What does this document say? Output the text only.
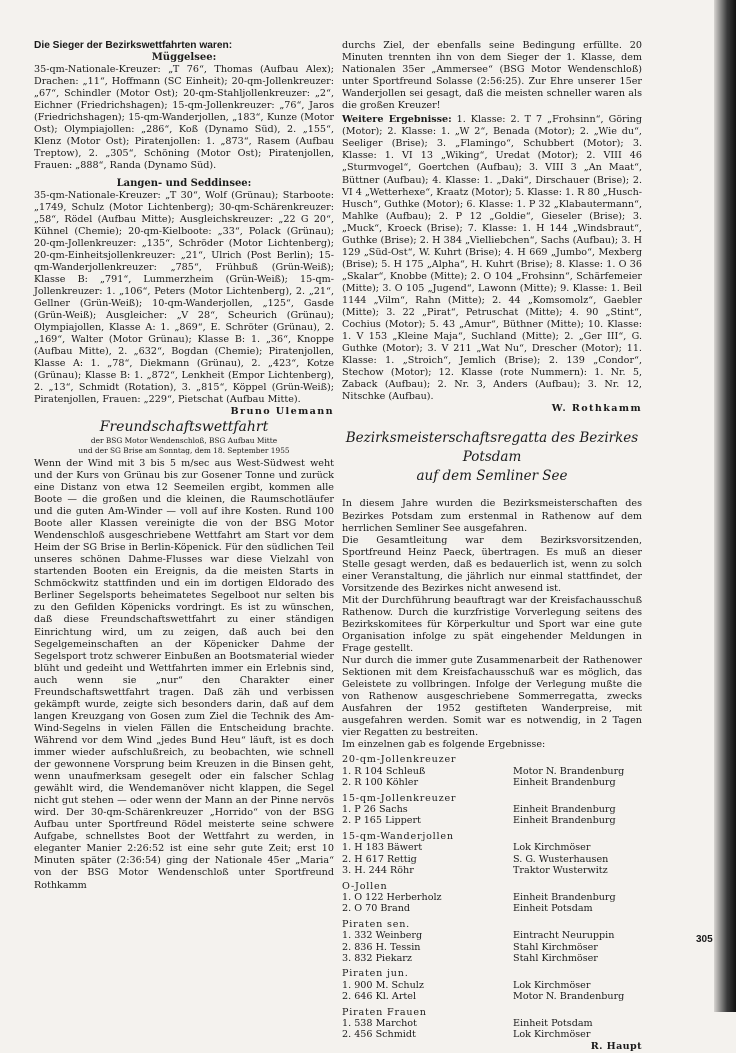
Die Sieger der Bezirkswettfahrten waren:

Müggelsee:

35-qm-Nationale-Kreuzer: „T 76“, Thomas (Aufbau Alex); Drachen: „11“, Hoffmann (SC Einheit); 20-qm-Jollenkreuzer: „67“, Schindler (Motor Ost); 20-qm-Stahljollenkreuzer: „2“, Eichner (Friedrichshagen); 15-qm-Jollenkreuzer: „76“, Jaros (Friedrichshagen); 15-qm-Wanderjollen, „183“, Kunze (Motor Ost); Olympiajollen: „286“, Koß (Dynamo Süd), 2. „155“, Klenz (Motor Ost); Piratenjollen: 1. „873“, Rasem (Aufbau Treptow), 2. „305“, Schöning (Motor Ost); Piratenjollen, Frauen: „888“, Randa (Dynamo Süd).

Langen- und Seddinsee:

35-qm-Nationale-Kreuzer: „T 30“, Wolf (Grünau); Starboote: „1749, Schulz (Motor Lichtenberg); 30-qm-Schärenkreuzer: „58“, Rödel (Aufbau Mitte); Ausgleichskreuzer: „22 G 20“, Kühnel (Chemie); 20-qm-Kielboote: „33“, Polack (Grünau); 20-qm-Jollenkreuzer: „135“, Schröder (Motor Lichtenberg); 20-qm-Einheitsjollenkreuzer: „21“, Ulrich (Post Berlin); 15-qm-Wanderjollenkreuzer: „785“, Frühbuß (Grün-Weiß); Klasse B: „791“, Lummerzheim (Grün-Weiß); 15-qm-Jollenkreuzer: 1. „106“, Peters (Motor Lichtenberg), 2. „21“, Gellner (Grün-Weiß); 10-qm-Wanderjollen, „125“, Gasde (Grün-Weiß); Ausgleicher: „V 28“, Scheurich (Grünau); Olympiajollen, Klasse A: 1. „869“, E. Schröter (Grünau), 2. „169“, Walter (Motor Grünau); Klasse B: 1. „36“, Knoppe (Aufbau Mitte), 2. „632“, Bogdan (Chemie); Piratenjollen, Klasse A: 1. „78“, Diekmann (Grünau), 2. „423“, Kotze (Grünau); Klasse B: 1. „872“, Lenkheit (Empor Lichtenberg), 2. „13“, Schmidt (Rotation), 3. „815“, Köppel (Grün-Weiß); Piratenjollen, Frauen: „229“, Pietschat (Aufbau Mitte).

Bruno Ulemann

Freundschaftswettfahrt

der BSG Motor Wendenschloß, BSG Aufbau Mitte

und der SG Brise am Sonntag, dem 18. September 1955

Wenn der Wind mit 3 bis 5 m/sec aus West-Südwest weht und der Kurs von Grünau bis zur Gosener Tonne und zurück eine Distanz von etwa 12 Seemeilen ergibt, kommen alle Boote — die großen und die kleinen, die Raumschotläufer und die guten Am-Winder — voll auf ihre Kosten. Rund 100 Boote aller Klassen vereinigte die von der BSG Motor Wendenschloß ausgeschriebene Wettfahrt am Start vor dem Heim der SG Brise in Berlin-Köpenick. Für den südlichen Teil unseres schönen Dahme-Flusses war diese Vielzahl von startenden Booten ein Ereignis, da die meisten Starts in Schmöckwitz stattfinden und ein im dortigen Eldorado des Berliner Segelsports beheimatetes Segelboot nur selten bis zu den Gefilden Köpenicks vordringt. Es ist zu wünschen, daß diese Freundschaftswettfahrt zu einer ständigen Einrichtung wird, um zu zeigen, daß auch bei den Segelgemeinschaften an der Köpenicker Dahme der Segelsport trotz schwerer Einbußen an Bootsmaterial wieder blüht und gedeiht und Wettfahrten immer ein Erlebnis sind, auch wenn sie „nur“ den Charakter einer Freundschaftswettfahrt tragen. Daß zäh und verbissen gekämpft wurde, zeigte sich besonders darin, daß auf dem langen Kreuzgang von Gosen zum Ziel die Technik des Am-Wind-Segelns in vielen Fällen die Entscheidung brachte. Während vor dem Wind „jedes Bund Heu“ läuft, ist es doch immer wieder aufschlußreich, zu beobachten, wie schnell der gewonnene Vorsprung beim Kreuzen in die Binsen geht, wenn unaufmerksam gesegelt oder ein falscher Schlag gewählt wird, die Wendemanöver nicht klappen, die Segel nicht gut stehen — oder wenn der Mann an der Pinne nervös wird. Der 30-qm-Schärenkreuzer „Horrido“ von der BSG Aufbau unter Sportfreund Rödel meisterte seine schwere Aufgabe, schnellstes Boot der Wettfahrt zu werden, in eleganter Manier 2:26:52 ist eine sehr gute Zeit; erst 10 Minuten später (2:36:54) ging der Nationale 45er „Maria“ von der BSG Motor Wendenschloß unter Sportfreund Rothkamm

durchs Ziel, der ebenfalls seine Bedingung erfüllte. 20 Minuten trennten ihn von dem Sieger der 1. Klasse, dem Nationalen 35er „Ammersee“ (BSG Motor Wendenschloß) unter Sportfreund Solasse (2:56:25). Zur Ehre unserer 15er Wanderjollen sei gesagt, daß die meisten schneller waren als die großen Kreuzer!

Weitere Ergebnisse: 1. Klasse: 2. T 7 „Frohsinn“, Göring (Motor); 2. Klasse: 1. „W 2“, Benada (Motor); 2. „Wie du“, Seeliger (Brise); 3. „Flamingo“, Schubbert (Motor); 3. Klasse: 1. VI 13 „Wiking“, Uredat (Motor); 2. VIII 46 „Sturmvogel“, Goertchen (Aufbau); 3. VIII 3 „An Maat“, Büttner (Aufbau); 4. Klasse: 1. „Daki“, Dirschauer (Brise); 2. VI 4 „Wetterhexe“, Kraatz (Motor); 5. Klasse: 1. R 80 „Husch-Husch“, Guthke (Motor); 6. Klasse: 1. P 32 „Klabautermann“, Mahlke (Aufbau); 2. P 12 „Goldie“, Gieseler (Brise); 3. „Muck“, Kroeck (Brise); 7. Klasse: 1. H 144 „Windsbraut“, Guthke (Brise); 2. H 384 „Vielliebchen“, Sachs (Aufbau); 3. H 129 „Süd-Ost“, W. Kuhrt (Brise); 4. H 669 „Jumbo“, Mexberg (Brise); 5. H 175 „Alpha“, H. Kuhrt (Brise); 8. Klasse: 1. O 36 „Skalar“, Knobbe (Mitte); 2. O 104 „Frohsinn“, Schärfemeier (Mitte); 3. O 105 „Jugend“, Lawonn (Mitte); 9. Klasse: 1. Beil 1144 „Vilm“, Rahn (Mitte); 2. 44 „Komsomolz“, Gaebler (Mitte); 3. 22 „Pirat“, Petruschat (Mitte); 4. 90 „Stint“, Cochius (Motor); 5. 43 „Amur“, Büthner (Mitte); 10. Klasse: 1. V 153 „Kleine Maja“, Suchland (Mitte); 2. „Ger III“, G. Guthke (Motor); 3. V 211 „Wat Nu“, Drescher (Motor); 11. Klasse: 1. „Stroich“, Jemlich (Brise); 2. 139 „Condor“, Stechow (Motor); 12. Klasse (rote Nummern): 1. Nr. 5, Zaback (Aufbau); 2. Nr. 3, Anders (Aufbau); 3. Nr. 12, Nitschke (Aufbau).

W. Rothkamm

Bezirksmeisterschaftsregatta des Bezirkes Potsdam
auf dem Semliner See

In diesem Jahre wurden die Bezirksmeisterschaften des Bezirkes Potsdam zum erstenmal in Rathenow auf dem herrlichen Semliner See ausgefahren.

Die Gesamtleitung war dem Bezirksvorsitzenden, Sportfreund Heinz Paeck, übertragen. Es muß an dieser Stelle gesagt werden, daß es bedauerlich ist, wenn zu solch einer Veranstaltung, die jährlich nur einmal stattfindet, der Vorsitzende des Bezirkes nicht anwesend ist.

Mit der Durchführung beauftragt war der Kreisfachausschuß Rathenow. Durch die kurzfristige Vorverlegung seitens des Bezirkskomitees für Körperkultur und Sport war eine gute Organisation infolge zu spät eingehender Meldungen in Frage gestellt.

Nur durch die immer gute Zusammenarbeit der Rathenower Sektionen mit dem Kreisfachausschuß war es möglich, das Geleistete zu vollbringen. Infolge der Verlegung mußte die von Rathenow ausgeschriebene Sommerregatta, zwecks Ausfahren der 1952 gestifteten Wanderpreise, mit ausgefahren werden. Somit war es notwendig, in 2 Tagen vier Regatten zu bestreiten.

Im einzelnen gab es folgende Ergebnisse:

20-qm-Jollenkreuzer	
1. R 104 Schleuß	Motor N. Brandenburg
2. R 100 Köhler	Einheit Brandenburg
15-qm-Jollenkreuzer	
1. P 26 Sachs	Einheit Brandenburg
2. P 165 Lippert	Einheit Brandenburg
15-qm-Wanderjollen	
1. H 183 Bäwert	Lok Kirchmöser
2. H 617 Rettig	S. G. Wusterhausen
3. H. 244 Röhr	Traktor Wusterwitz
O-Jollen	
1. O 122 Herberholz	Einheit Brandenburg
2. O 70 Brand	Einheit Potsdam
Piraten sen.	
1. 332 Weinberg	Eintracht Neuruppin
2. 836 H. Tessin	Stahl Kirchmöser
3. 832 Piekarz	Stahl Kirchmöser
Piraten jun.	
1. 900 M. Schulz	Lok Kirchmöser
2. 646 Kl. Artel	Motor N. Brandenburg
Piraten Frauen	
1. 538 Marchot	Einheit Potsdam
2. 456 Schmidt	Lok Kirchmöser

R. Haupt

305
